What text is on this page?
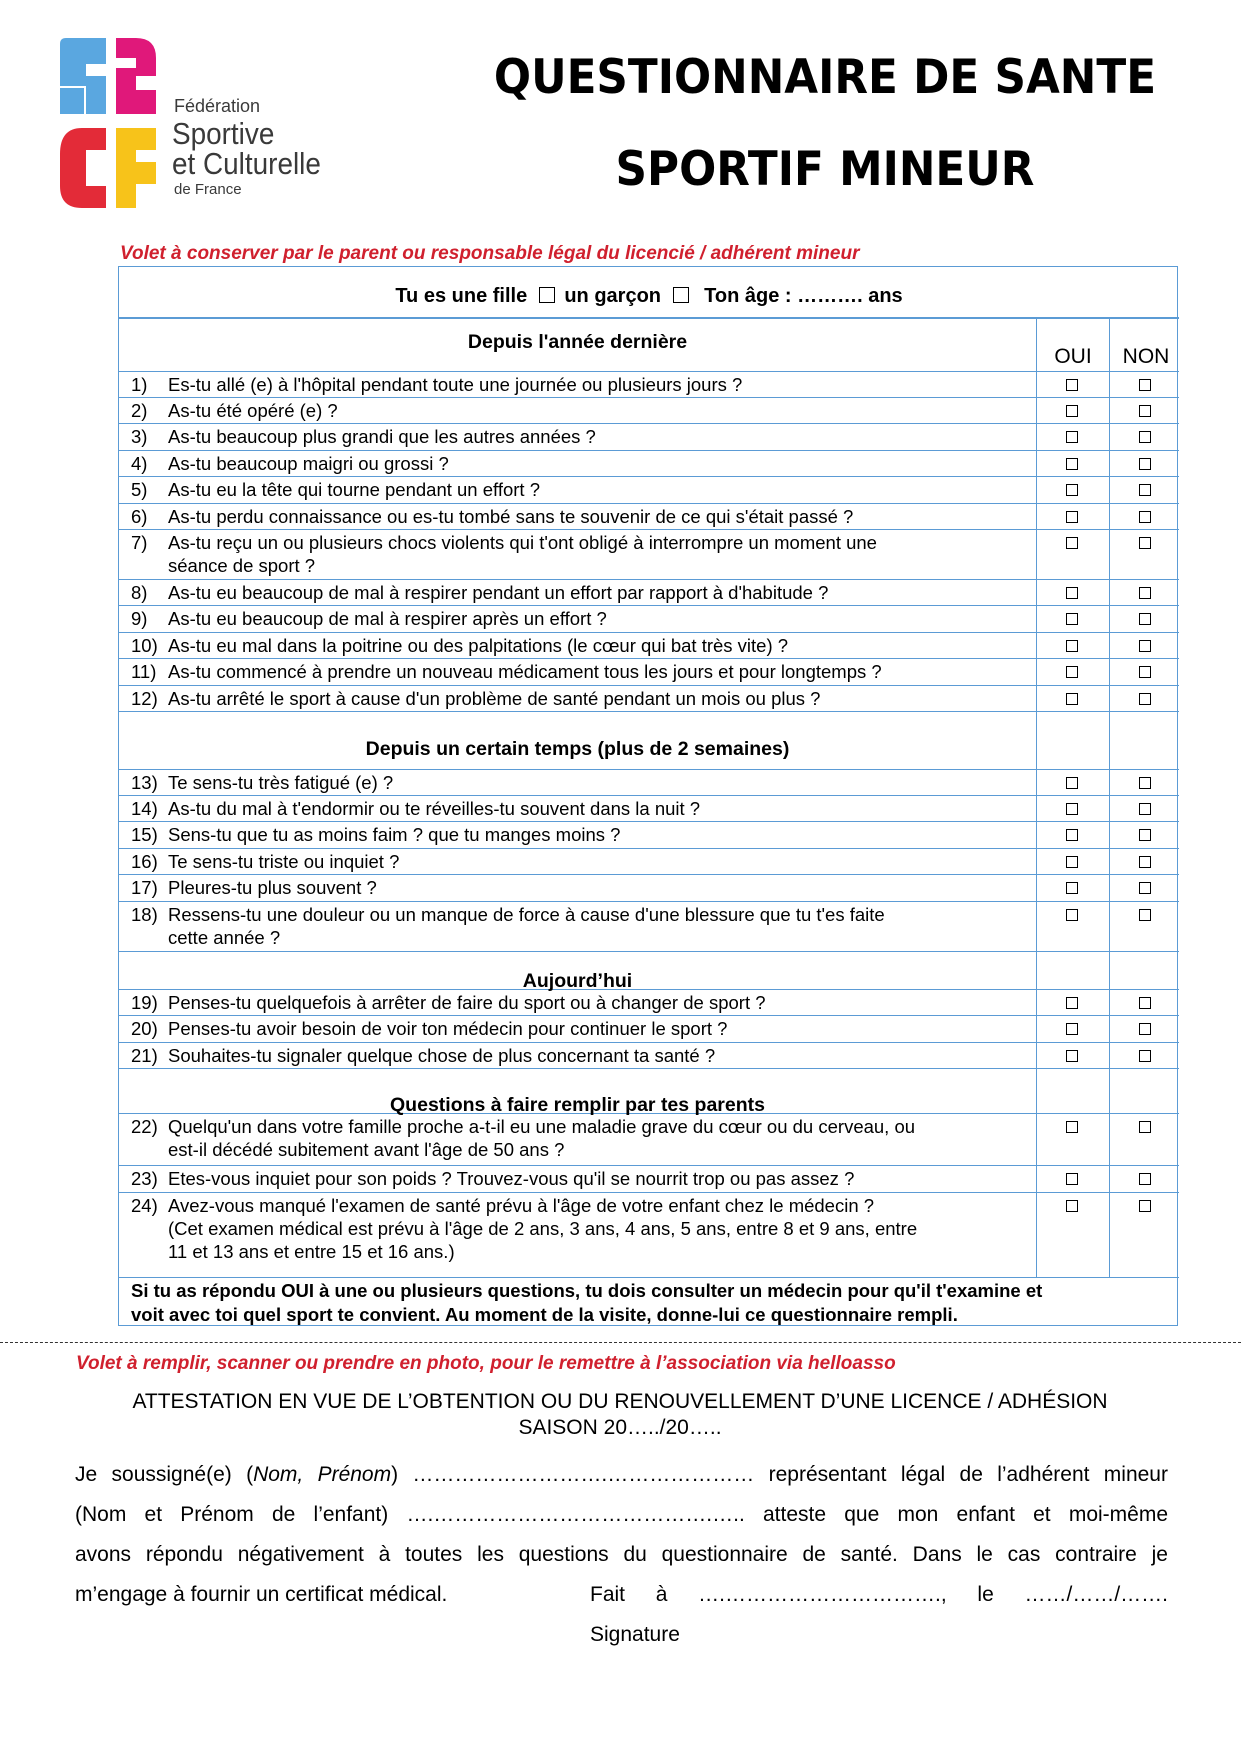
Fédération
Sportive
et Culturelle
de France
QUESTIONNAIRE DE SANTE
SPORTIF MINEUR
Volet à conserver par le parent ou responsable légal du licencié / adhérent mineur
Tu es une fille un garçon Ton âge : ………. ans
OUI	NON
Depuis l'année dernière
Depuis un certain temps (plus de 2 semaines)
Aujourd’hui
Questions à faire remplir par tes parents
1) Es-tu allé (e) à l'hôpital pendant toute une journée ou plusieurs jours ?
2) As-tu été opéré (e) ?
3) As-tu beaucoup plus grandi que les autres années ?
4) As-tu beaucoup maigri ou grossi ?
5) As-tu eu la tête qui tourne pendant un effort ?
6) As-tu perdu connaissance ou es-tu tombé sans te souvenir de ce qui s'était passé ?
7) As-tu reçu un ou plusieurs chocs violents qui t'ont obligé à interrompre un moment une
séance de sport ?
8) As-tu eu beaucoup de mal à respirer pendant un effort par rapport à d'habitude ?
9) As-tu eu beaucoup de mal à respirer après un effort ?
10) As-tu eu mal dans la poitrine ou des palpitations (le cœur qui bat très vite) ?
11) As-tu commencé à prendre un nouveau médicament tous les jours et pour longtemps ?
12) As-tu arrêté le sport à cause d'un problème de santé pendant un mois ou plus ?
13) Te sens-tu très fatigué (e) ?
14) As-tu du mal à t'endormir ou te réveilles-tu souvent dans la nuit ?
15) Sens-tu que tu as moins faim ? que tu manges moins ?
16) Te sens-tu triste ou inquiet ?
17) Pleures-tu plus souvent ?
18) Ressens-tu une douleur ou un manque de force à cause d'une blessure que tu t'es faite
cette année ?
19) Penses-tu quelquefois à arrêter de faire du sport ou à changer de sport ?
20) Penses-tu avoir besoin de voir ton médecin pour continuer le sport ?
21) Souhaites-tu signaler quelque chose de plus concernant ta santé ?
22) Quelqu'un dans votre famille proche a-t-il eu une maladie grave du cœur ou du cerveau, ou
est-il décédé subitement avant l'âge de 50 ans ?
23) Etes-vous inquiet pour son poids ? Trouvez-vous qu'il se nourrit trop ou pas assez ?
24) Avez-vous manqué l'examen de santé prévu à l'âge de votre enfant chez le médecin ?
(Cet examen médical est prévu à l'âge de 2 ans, 3 ans, 4 ans, 5 ans, entre 8 et 9 ans, entre
11 et 13 ans et entre 15 et 16 ans.)
Si tu as répondu OUI à une ou plusieurs questions, tu dois consulter un médecin pour qu'il t'examine et
voit avec toi quel sport te convient. Au moment de la visite, donne-lui ce questionnaire rempli.
Volet à remplir, scanner ou prendre en photo, pour le remettre à l’association via helloasso
ATTESTATION EN VUE DE L’OBTENTION OU DU RENOUVELLEMENT D’UNE LICENCE / ADHÉSION
SAISON 20…../20…..
Je soussigné(e) (Nom, Prénom) ……………………….………………… représentant légal de l’adhérent mineur
(Nom et Prénom de l’enfant) ….………………………………….….. atteste que mon enfant et moi-même
avons répondu négativement à toutes les questions du questionnaire de santé. Dans le cas contraire je
m’engage à fournir un certificat médical.	Fait à ….…………………………., le ……/……/…….
Signature
